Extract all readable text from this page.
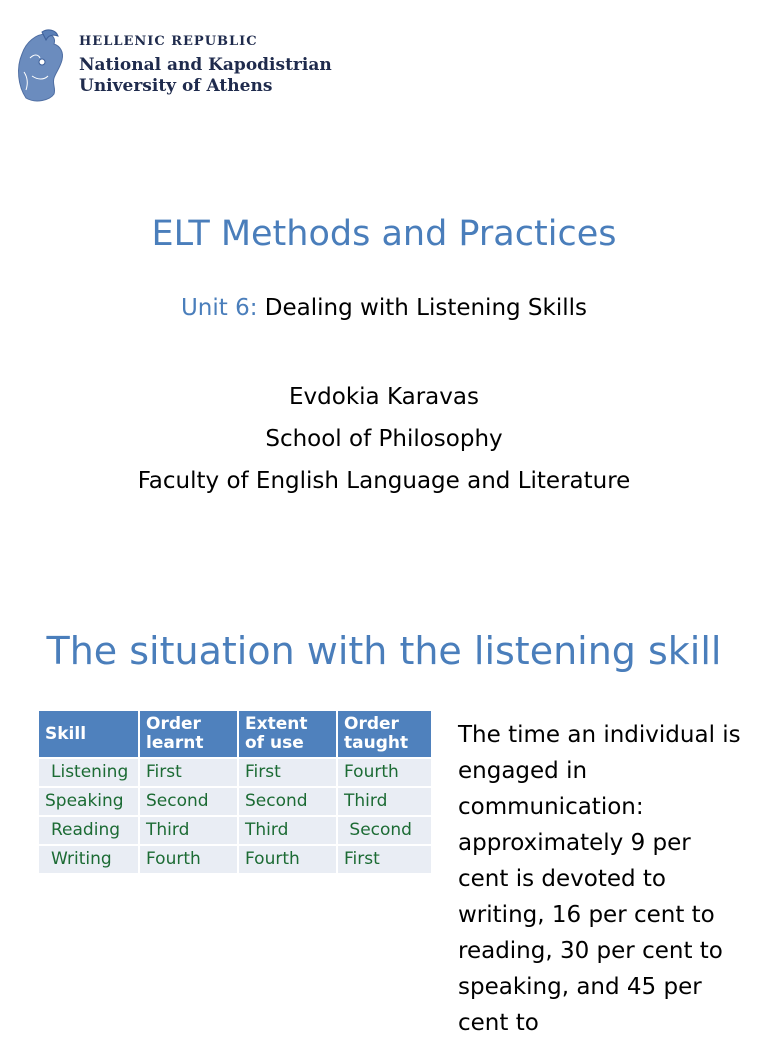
HELLENIC REPUBLIC
National and Kapodistrian
University of Athens
ELT Methods and Practices
Unit 6: Dealing with Listening Skills
Evdokia Karavas
School of Philosophy
Faculty of English Language and Literature
The situation with the listening skill
Skill	Order learnt	Extent of use	Order taught
Listening	First	First	Fourth
Speaking	Second	Second	Third
Reading	Third	Third	Second
Writing	Fourth	Fourth	First
The time an individual is engaged in communication: approximately 9 per cent is devoted to writing, 16 per cent to reading, 30 per cent to speaking, and 45 per cent to
